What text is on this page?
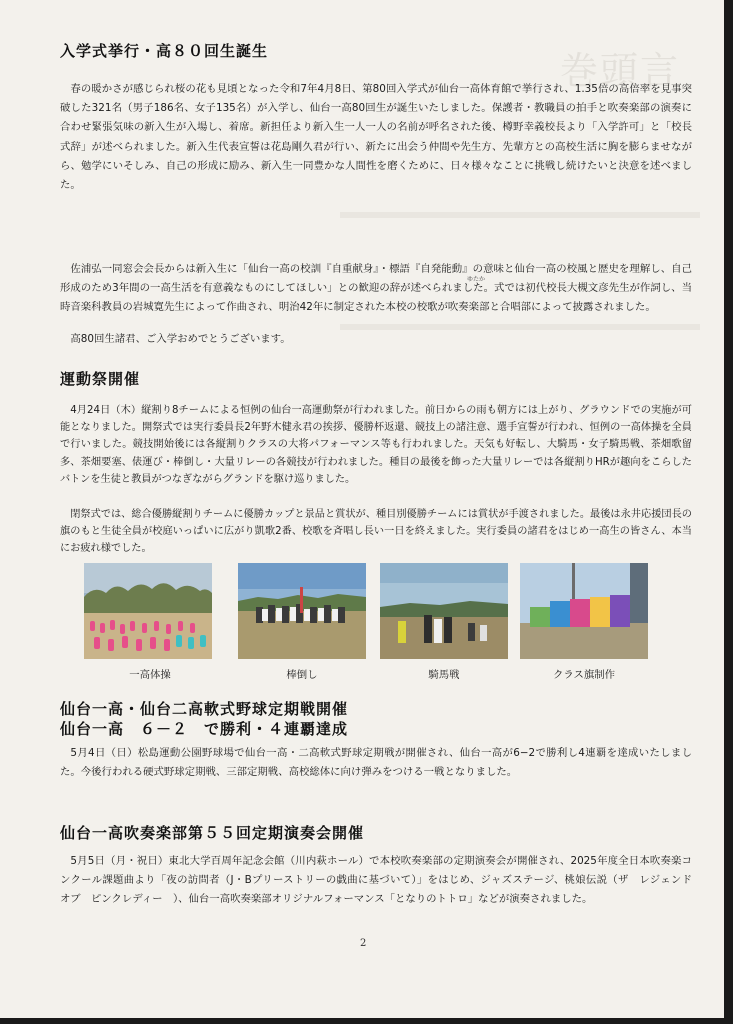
巻頭言
入学式挙行・高８０回生誕生

春の暖かさが感じられ桜の花も見頃となった令和7年4月8日、第80回入学式が仙台一高体育館で挙行され、1.35倍の高倍率を見事突破した321名（男子186名、女子135名）が入学し、仙台一高80回生が誕生いたしました。保護者・教職員の拍手と吹奏楽部の演奏に合わせ緊張気味の新入生が入場し、着席。新担任より新入生一人一人の名前が呼名された後、樽野幸義校長より「入学許可」と「校長式辞」が述べられました。新入生代表宣誓は花島剛久君が行い、新たに出会う仲間や先生方、先輩方との高校生活に胸を膨らませながら、勉学にいそしみ、自己の形成に励み、新入生一同豊かな人間性を磨くために、日々様々なことに挑戦し続けたいと決意を述べました。

ゆたか

佐浦弘一同窓会会長からは新入生に「仙台一高の校訓『自重献身』・標語『自発能動』の意味と仙台一高の校風と歴史を理解し、自己形成のため3年間の一高生活を有意義なものにしてほしい」との歓迎の辞が述べられました。式では初代校長大槻文彦先生が作詞し、当時音楽科教員の岩城寛先生によって作曲され、明治42年に制定された本校の校歌が吹奏楽部と合唱部によって披露されました。

高80回生諸君、ご入学おめでとうございます。

運動祭開催

4月24日（木）縦割り8チームによる恒例の仙台一高運動祭が行われました。前日からの雨も朝方には上がり、グラウンドでの実施が可能となりました。開祭式では実行委員長2年野木健永君の挨拶、優勝杯返還、競技上の諸注意、選手宣誓が行われ、恒例の一高体操を全員で行いました。競技開始後には各縦割りクラスの大将パフォーマンス等も行われました。天気も好転し、大騎馬・女子騎馬戦、茶畑歌留多、茶畑要塞、俵運び・棒倒し・大量リレーの各競技が行われました。種目の最後を飾った大量リレーでは各縦割りHRが趣向をこらしたバトンを生徒と教員がつなぎながらグランドを駆け巡りました。

閉祭式では、総合優勝縦割りチームに優勝カップと景品と賞状が、種目別優勝チームには賞状が手渡されました。最後は永井応援団長の旗のもと生徒全員が校庭いっぱいに広がり凱歌2番、校歌を斉唱し長い一日を終えました。実行委員の諸君をはじめ一高生の皆さん、本当にお疲れ様でした。

一高体操	棒倒し	騎馬戦	クラス旗制作
仙台一高・仙台二高軟式野球定期戦開催
仙台一高　６－２　で勝利・４連覇達成

5月4日（日）松島運動公園野球場で仙台一高・二高軟式野球定期戦が開催され、仙台一高が6−2で勝利し4連覇を達成いたしました。今後行われる硬式野球定期戦、三部定期戦、高校総体に向け弾みをつける一戦となりました。

仙台一高吹奏楽部第５５回定期演奏会開催

5月5日（月・祝日）東北大学百周年記念会館（川内萩ホール）で本校吹奏楽部の定期演奏会が開催され、2025年度全日本吹奏楽コンクール課題曲より「夜の訪問者（J・Bプリーストリーの戯曲に基づいて）」をはじめ、ジャズステージ、桃娘伝説（ザ　レジェンド　オブ　ピンクレディー　）、仙台一高吹奏楽部オリジナルフォーマンス「となりのトトロ」などが演奏されました。

2
